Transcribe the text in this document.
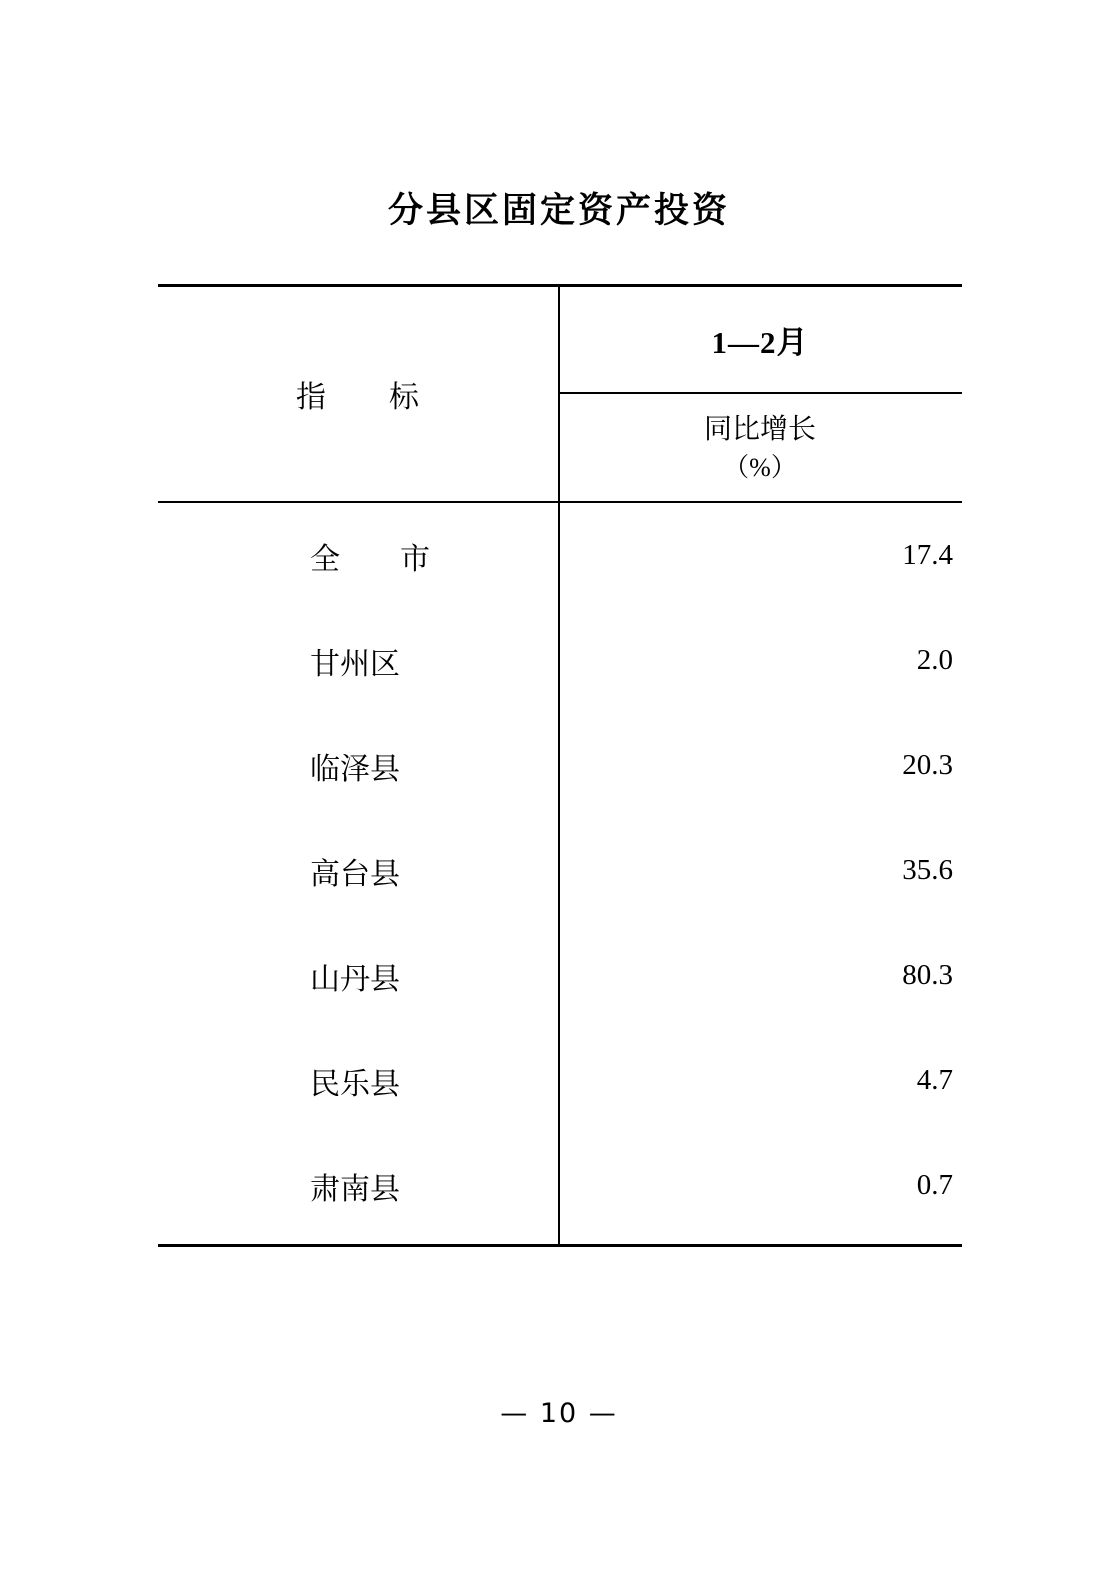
分县区固定资产投资
指　　标
1—2月
同比增长
（%）
全　　市	17.4
甘州区	2.0
临泽县	20.3
高台县	35.6
山丹县	80.3
民乐县	4.7
肃南县	0.7
— 10 —
